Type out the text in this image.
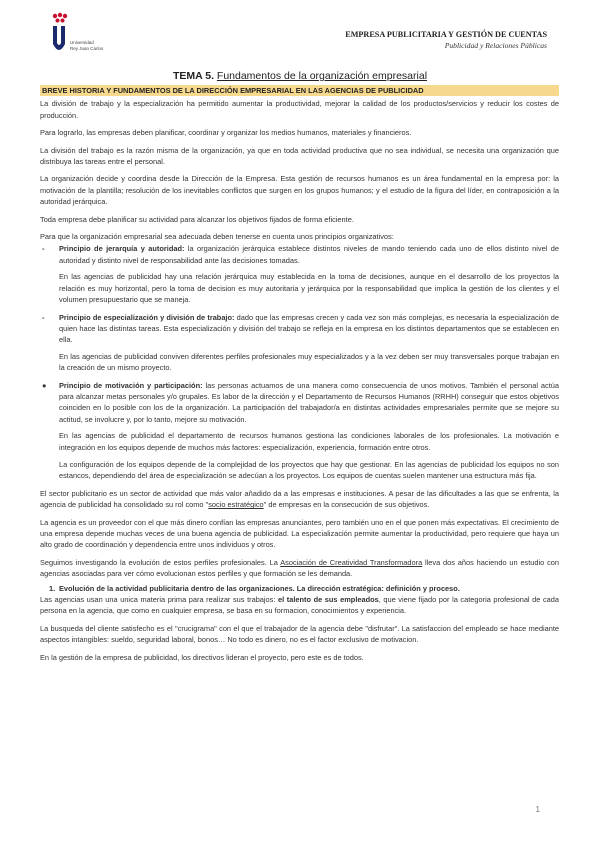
Universidad
Rey Juan Carlos
EMPRESA PUBLICITARIA Y GESTIÓN DE CUENTAS
Publicidad y Relaciones Públicas
TEMA 5. Fundamentos de la organización empresarial
BREVE HISTORIA Y FUNDAMENTOS DE LA DIRECCIÓN EMPRESARIAL EN LAS AGENCIAS DE PUBLICIDAD

La división de trabajo y la especialización ha permitido aumentar la productividad, mejorar la calidad de los productos/servicios y reducir los costes de producción.

Para lograrlo, las empresas deben planificar, coordinar y organizar los medios humanos, materiales y financieros.

La división del trabajo es la razón misma de la organización, ya que en toda actividad productiva que no sea individual, se necesita una organización que distribuya las tareas entre el personal.

La organización decide y coordina desde la Dirección de la Empresa. Esta gestión de recursos humanos es un área fundamental en la empresa por: la motivación de la plantilla; resolución de los inevitables conflictos que surgen en los grupos humanos; y el estudio de la figura del líder, en contraposición a la autoridad jerárquica.

Toda empresa debe planificar su actividad para alcanzar los objetivos fijados de forma eficiente.

Para que la organización empresarial sea adecuada deben tenerse en cuenta unos principios organizativos:

- Principio de jerarquía y autoridad: la organización jerárquica establece distintos niveles de mando teniendo cada uno de ellos distinto nivel de autoridad y distinto nivel de responsabilidad ante las decisiones tomadas.

En las agencias de publicidad hay una relación jerárquica muy establecida en la toma de decisiones, aunque en el desarrollo de los proyectos la relación es muy horizontal, pero la toma de decision es muy autoritaria y jerárquica por la responsabilidad que implica la gestión de los clientes y el volumen presupuestario que se maneja.

- Principio de especialización y división de trabajo: dado que las empresas crecen y cada vez son más complejas, es necesaria la especialización de quien hace las distintas tareas. Esta especialización y división del trabajo se refleja en la empresa en los distintos departamentos que se establecen en ella.

En las agencias de publicidad conviven diferentes perfiles profesionales muy especializados y a la vez deben ser muy transversales porque trabajan en la creación de un mismo proyecto.

● Principio de motivación y participación: las personas actuamos de una manera como consecuencia de unos motivos. También el personal actúa para alcanzar metas personales y/o grupales. Es labor de la dirección y el Departamento de Recursos Humanos (RRHH) conseguir que estos objetivos coinciden en lo posible con los de la organización. La participación del trabajador/a en distintas actividades empresariales permite que se mejore su actitud, se involucre y, por lo tanto, mejore su motivación.

En las agencias de publicidad el departamento de recursos humanos gestiona las condiciones laborales de los profesionales. La motivación e integración en los equipos depende de muchos más factores: especialización, experiencia, formación entre otros.

La configuración de los equipos depende de la complejidad de los proyectos que hay que gestionar. En las agencias de publicidad los equipos no son estancos, dependiendo del área de especialización se adecúan a los proyectos. Los equipos de cuentas suelen mantener una estructura más fija.

El sector publicitario es un sector de actividad que más valor añadido da a las empresas e instituciones. A pesar de las dificultades a las que se enfrenta, la agencia de publicidad ha consolidado su rol como "socio estratégico" de empresas en la consecución de sus objetivos.

La agencia es un proveedor con el que más dinero confían las empresas anunciantes, pero también uno en el que ponen más expectativas. El crecimiento de una empresa depende muchas veces de una buena agencia de publicidad. La especialización permite aumentar la productividad, pero requiere que haya un alto grado de coordinación y dependencia entre unos individuos y otros.

Seguimos investigando la evolución de estos perfiles profesionales. La Asociación de Creatividad Transformadora lleva dos años haciendo un estudio con agencias asociadas para ver cómo evolucionan estos perfiles y que formación se les demanda.

1. Evolución de la actividad publicitaria dentro de las organizaciones. La dirección estratégica: definición y proceso.

Las agencias usan una unica materia prima para realizar sus trabajos: el talento de sus empleados, que viene fijado por la categoria profesional de cada persona en la agencia, que como en cualquier empresa, se basa en su formacion, conocimientos y experiencia.

La busqueda del cliente satisfecho es el "crucigrama" con el que el trabajador de la agencia debe "disfrutar". La satisfaccion del empleado se hace mediante aspectos intangibles: sueldo, seguridad laboral, bonos… No todo es dinero, no es el factor exclusivo de motivacion.

En la gestión de la empresa de publicidad, los directivos lideran el proyecto, pero este es de todos.

1
